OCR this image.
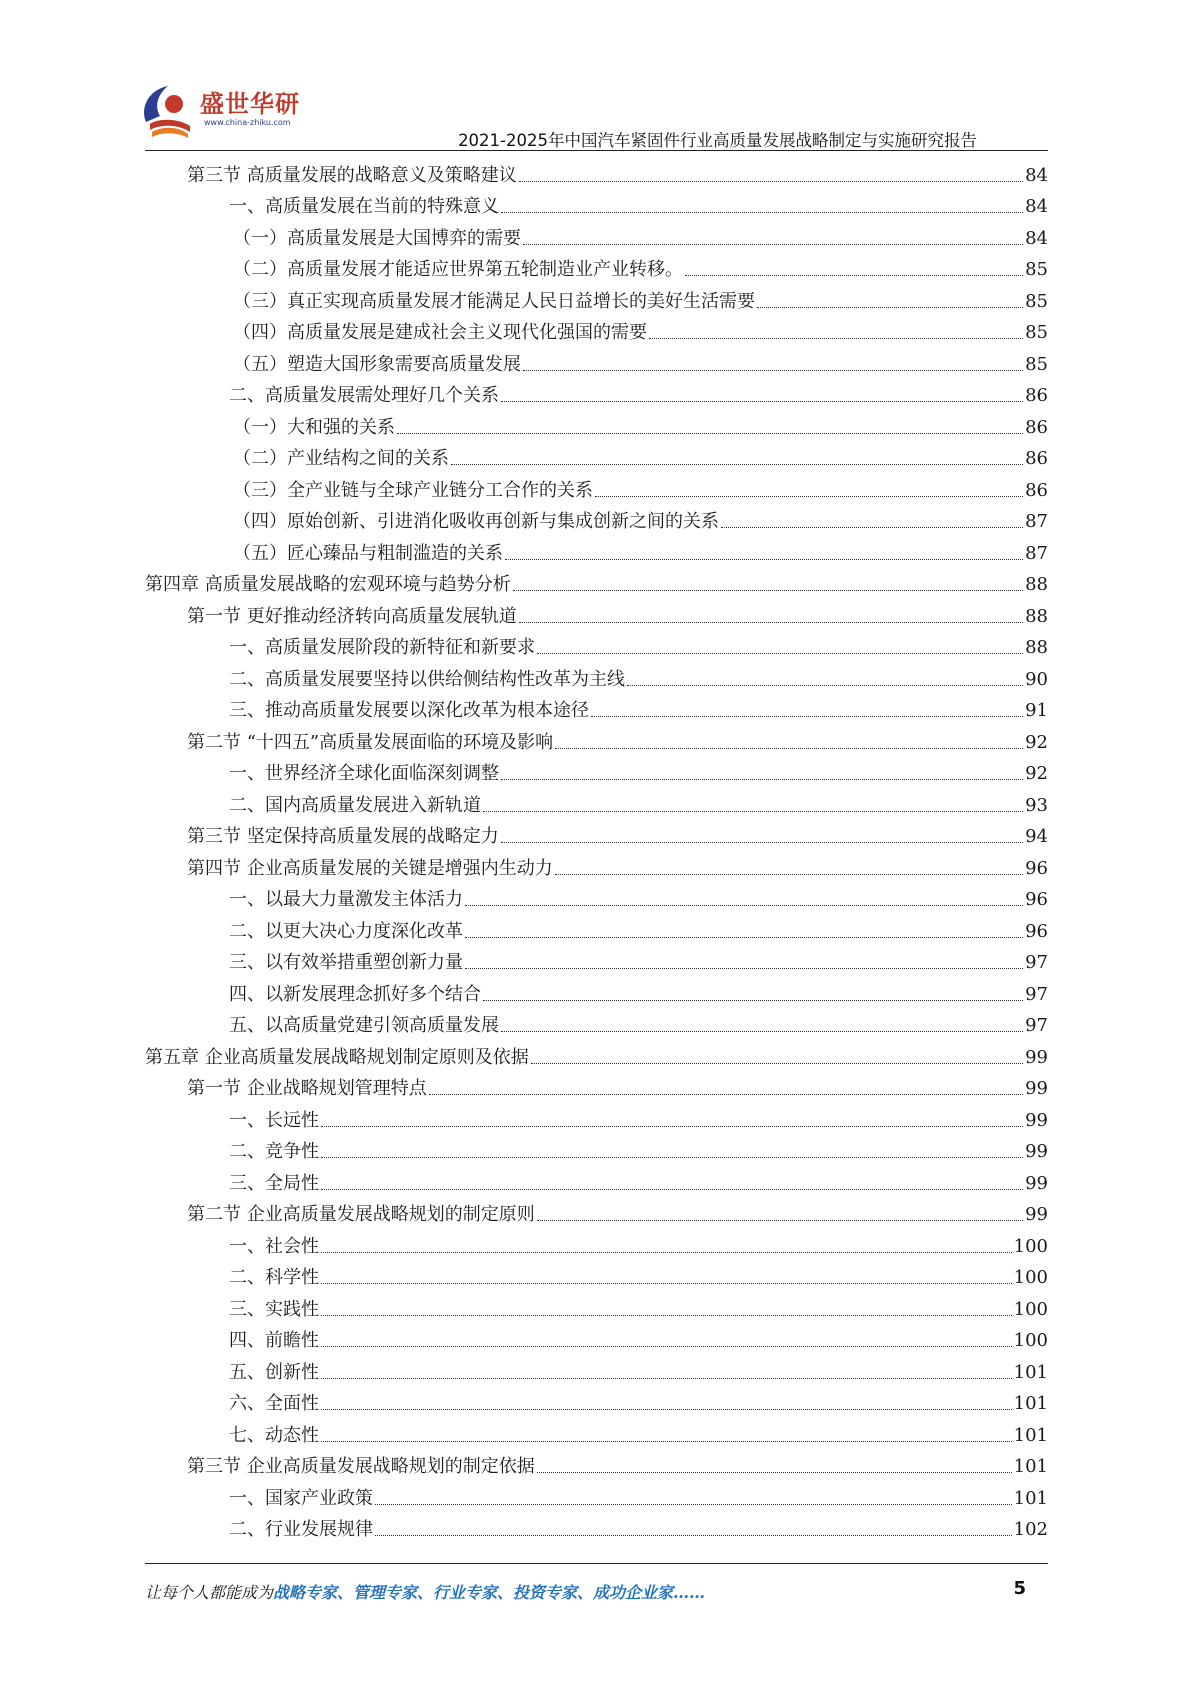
盛世华研
www.china-zhiku.com
2021-2025年中国汽车紧固件行业高质量发展战略制定与实施研究报告
第三节 高质量发展的战略意义及策略建议	84
一、高质量发展在当前的特殊意义	84
（一）高质量发展是大国博弈的需要	84
（二）高质量发展才能适应世界第五轮制造业产业转移。	85
（三）真正实现高质量发展才能满足人民日益增长的美好生活需要	85
（四）高质量发展是建成社会主义现代化强国的需要	85
（五）塑造大国形象需要高质量发展	85
二、高质量发展需处理好几个关系	86
（一）大和强的关系	86
（二）产业结构之间的关系	86
（三）全产业链与全球产业链分工合作的关系	86
（四）原始创新、引进消化吸收再创新与集成创新之间的关系	87
（五）匠心臻品与粗制滥造的关系	87
第四章 高质量发展战略的宏观环境与趋势分析	88
第一节 更好推动经济转向高质量发展轨道	88
一、高质量发展阶段的新特征和新要求	88
二、高质量发展要坚持以供给侧结构性改革为主线	90
三、推动高质量发展要以深化改革为根本途径	91
第二节 “十四五”高质量发展面临的环境及影响	92
一、世界经济全球化面临深刻调整	92
二、国内高质量发展进入新轨道	93
第三节 坚定保持高质量发展的战略定力	94
第四节 企业高质量发展的关键是增强内生动力	96
一、以最大力量激发主体活力	96
二、以更大决心力度深化改革	96
三、以有效举措重塑创新力量	97
四、以新发展理念抓好多个结合	97
五、以高质量党建引领高质量发展	97
第五章 企业高质量发展战略规划制定原则及依据	99
第一节 企业战略规划管理特点	99
一、长远性	99
二、竞争性	99
三、全局性	99
第二节 企业高质量发展战略规划的制定原则	99
一、社会性	100
二、科学性	100
三、实践性	100
四、前瞻性	100
五、创新性	101
六、全面性	101
七、动态性	101
第三节 企业高质量发展战略规划的制定依据	101
一、国家产业政策	101
二、行业发展规律	102
让每个人都能成为战略专家、管理专家、行业专家、投资专家、成功企业家……	5
